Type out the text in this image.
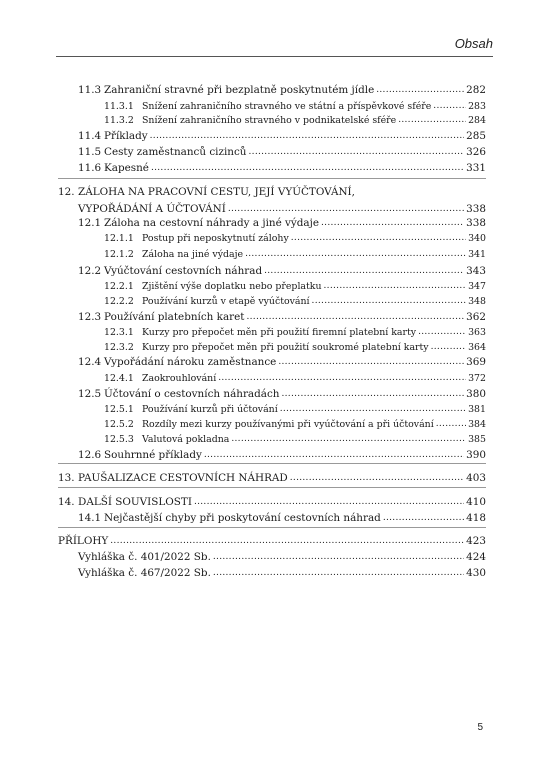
Obsah
11.3 Zahraniční stravné při bezplatně poskytnutém jídle .....	282
11.3.1 Snížení zahraničního stravného ve státní a příspěvkové sféře .....	283
11.3.2 Snížení zahraničního stravného v podnikatelské sféře .....	284
11.4 Příklady .....	285
11.5 Cesty zaměstnanců cizinců .....	326
11.6 Kapesné .....	331
12. ZÁLOHA NA PRACOVNÍ CESTU, JEJÍ VYÚČTOVÁNÍ,
VYPOŘÁDÁNÍ A ÚČTOVÁNÍ .....	338
12.1 Záloha na cestovní náhrady a jiné výdaje .....	338
12.1.1 Postup při neposkytnutí zálohy .....	340
12.1.2 Záloha na jiné výdaje .....	341
12.2 Vyúčtování cestovních náhrad .....	343
12.2.1 Zjištění výše doplatku nebo přeplatku .....	347
12.2.2 Používání kurzů v etapě vyúčtování .....	348
12.3 Používání platebních karet .....	362
12.3.1 Kurzy pro přepočet měn při použití firemní platební karty .....	363
12.3.2 Kurzy pro přepočet měn při použití soukromé platební karty .....	364
12.4 Vypořádání nároku zaměstnance .....	369
12.4.1 Zaokrouhlování .....	372
12.5 Účtování o cestovních náhradách .....	380
12.5.1 Používání kurzů při účtování .....	381
12.5.2 Rozdíly mezi kurzy používanými při vyúčtování a při účtování .....	384
12.5.3 Valutová pokladna .....	385
12.6 Souhrnné příklady .....	390
13. PAUŠALIZACE CESTOVNÍCH NÁHRAD .....	403
14. DALŠÍ SOUVISLOSTI .....	410
14.1 Nejčastější chyby při poskytování cestovních náhrad .....	418
PŘÍLOHY .....	423
Vyhláška č. 401/2022 Sb. .....	424
Vyhláška č. 467/2022 Sb. .....	430
5
